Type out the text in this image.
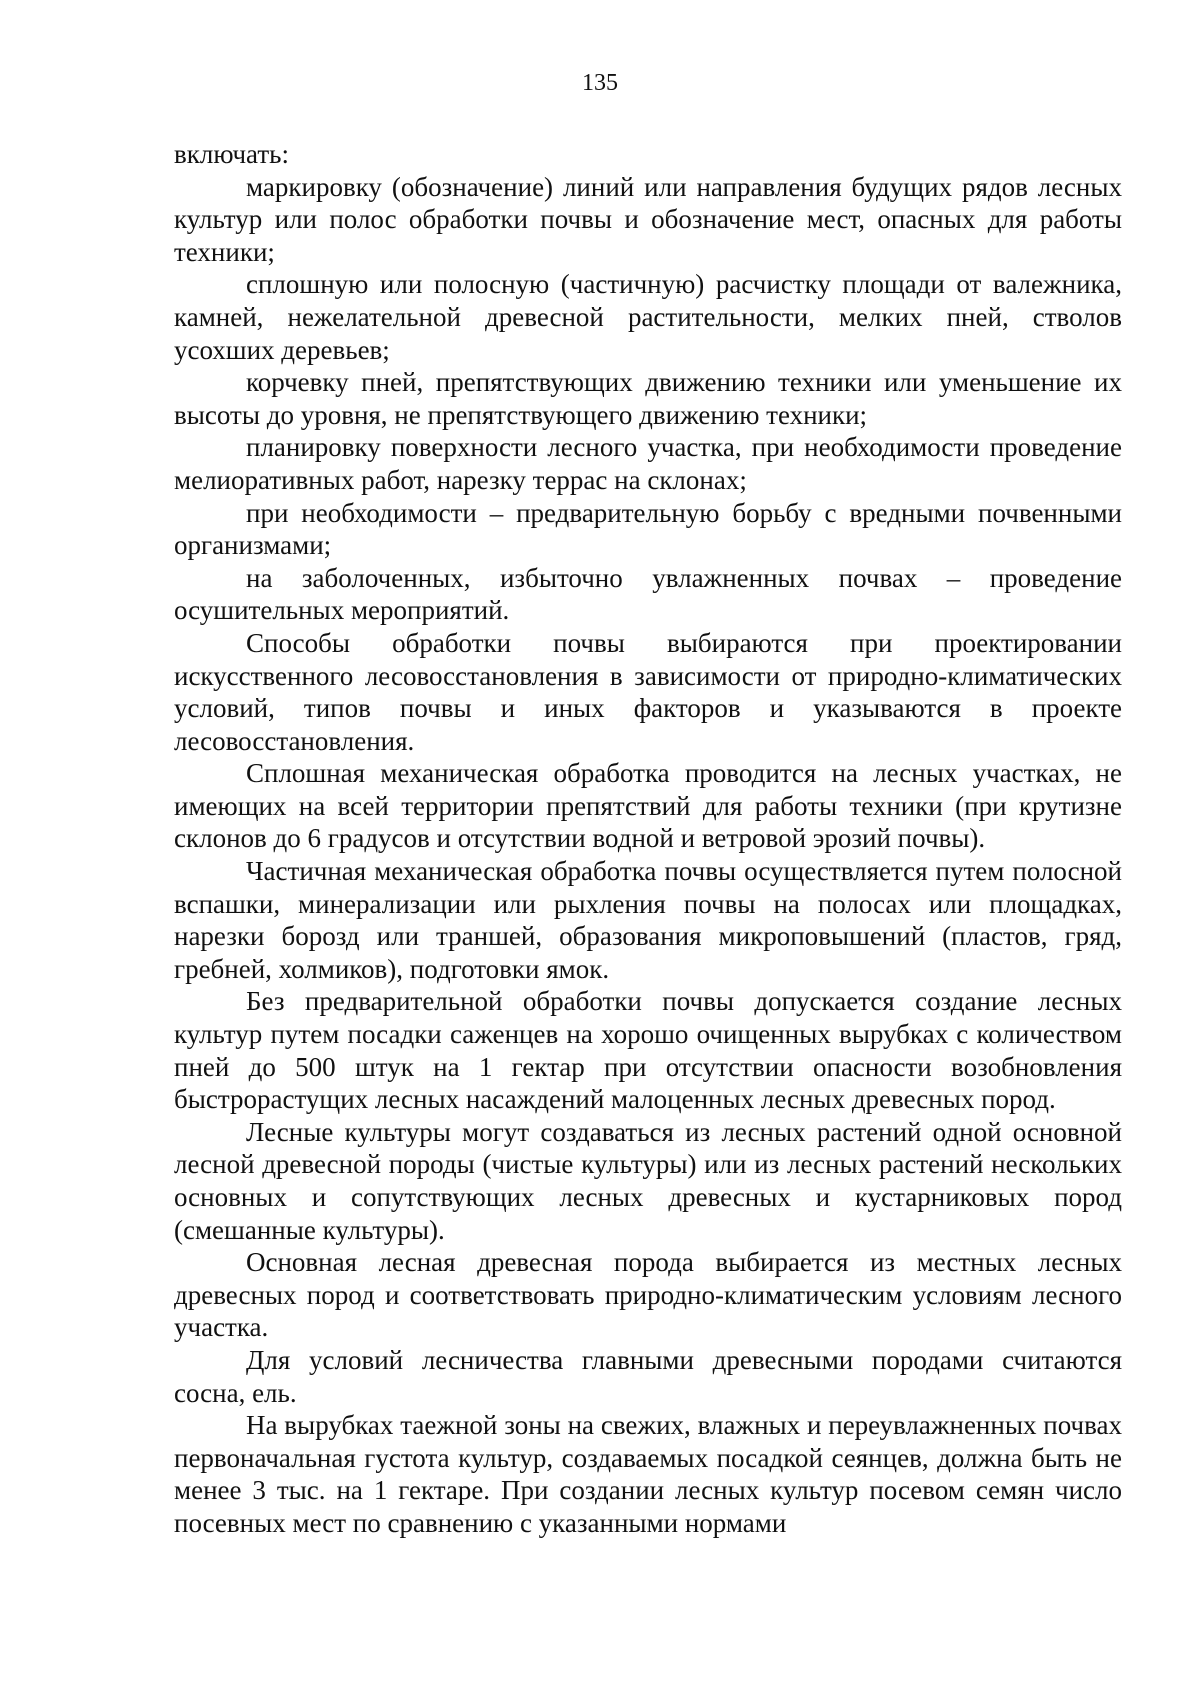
135

включать:

маркировку (обозначение) линий или направления будущих рядов лесных культур или полос обработки почвы и обозначение мест, опасных для работы техники;

сплошную или полосную (частичную) расчистку площади от валежника, камней, нежелательной древесной растительности, мелких пней, стволов усохших деревьев;

корчевку пней, препятствующих движению техники или уменьшение их высоты до уровня, не препятствующего движению техники;

планировку поверхности лесного участка, при необходимости проведение мелиоративных работ, нарезку террас на склонах;

при необходимости – предварительную борьбу с вредными почвенными организмами;

на заболоченных, избыточно увлажненных почвах – проведение осушительных мероприятий.

Способы обработки почвы выбираются при проектировании искусственного лесовосстановления в зависимости от природно-климатических условий, типов почвы и иных факторов и указываются в проекте лесовосстановления.

Сплошная механическая обработка проводится на лесных участках, не имеющих на всей территории препятствий для работы техники (при крутизне склонов до 6 градусов и отсутствии водной и ветровой эрозий почвы).

Частичная механическая обработка почвы осуществляется путем полосной вспашки, минерализации или рыхления почвы на полосах или площадках, нарезки борозд или траншей, образования микроповышений (пластов, гряд, гребней, холмиков), подготовки ямок.

Без предварительной обработки почвы допускается создание лесных культур путем посадки саженцев на хорошо очищенных вырубках с количеством пней до 500 штук на 1 гектар при отсутствии опасности возобновления быстрорастущих лесных насаждений малоценных лесных древесных пород.

Лесные культуры могут создаваться из лесных растений одной основной лесной древесной породы (чистые культуры) или из лесных растений нескольких основных и сопутствующих лесных древесных и кустарниковых пород (смешанные культуры).

Основная лесная древесная порода выбирается из местных лесных древесных пород и соответствовать природно-климатическим условиям лесного участка.

Для условий лесничества главными древесными породами считаются сосна, ель.

На вырубках таежной зоны на свежих, влажных и переувлажненных почвах первоначальная густота культур, создаваемых посадкой сеянцев, должна быть не менее 3 тыс. на 1 гектаре. При создании лесных культур посевом семян число посевных мест по сравнению с указанными нормами
